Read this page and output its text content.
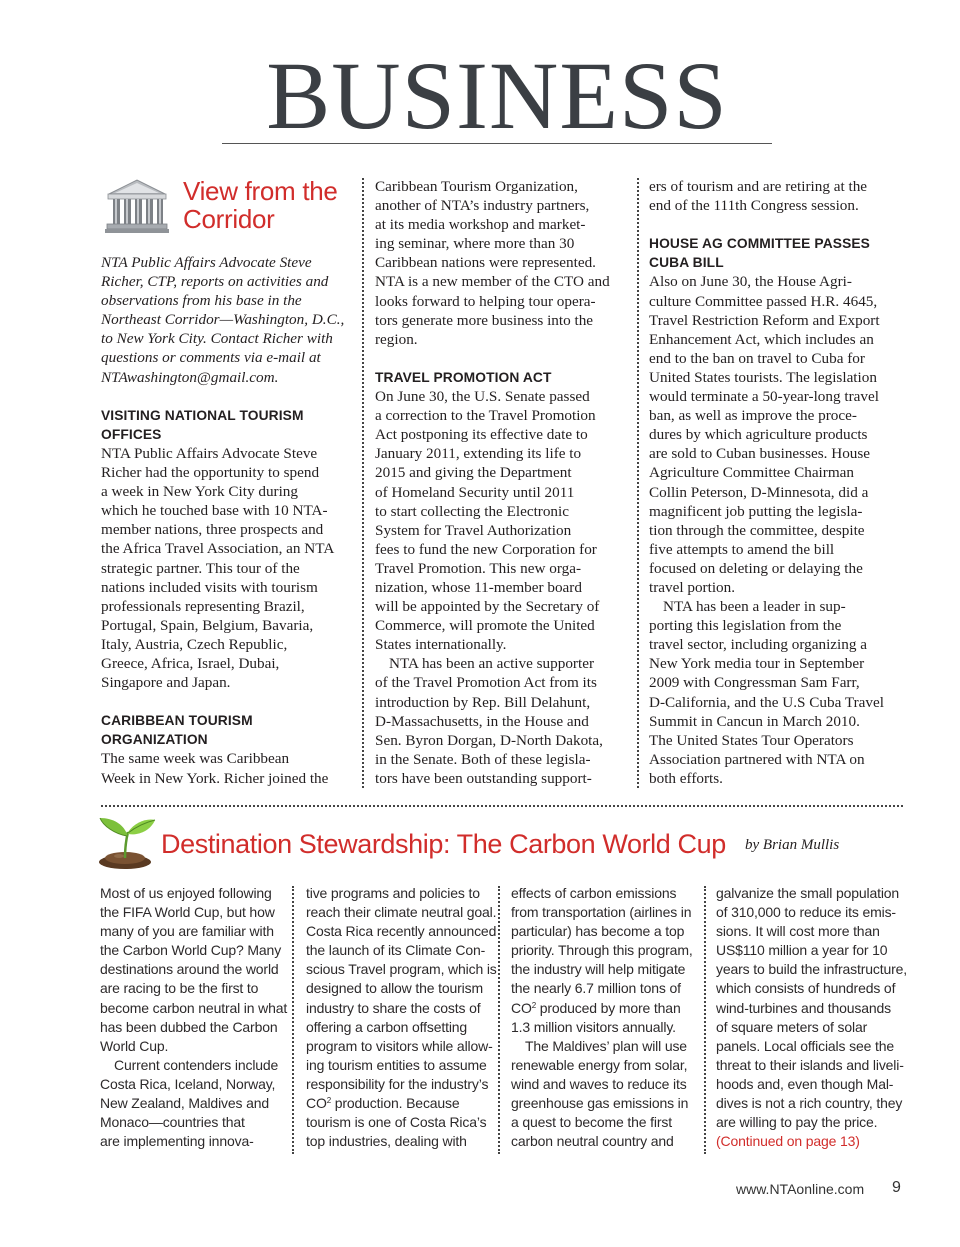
BUSINESS
View from the
Corridor
NTA Public Affairs Advocate Steve
Richer, CTP, reports on activities and
observations from his base in the
Northeast Corridor—Washington, D.C.,
to New York City. Contact Richer with
questions or comments via e-mail at
NTAwashington@gmail.com.
VISITING NATIONAL TOURISM
OFFICES
NTA Public Affairs Advocate Steve
Richer had the opportunity to spend
a week in New York City during
which he touched base with 10 NTA-
member nations, three prospects and
the Africa Travel Association, an NTA
strategic partner. This tour of the
nations included visits with tourism
professionals representing Brazil,
Portugal, Spain, Belgium, Bavaria,
Italy, Austria, Czech Republic,
Greece, Africa, Israel, Dubai,
Singapore and Japan.
CARIBBEAN TOURISM
ORGANIZATION
The same week was Caribbean
Week in New York. Richer joined the
Caribbean Tourism Organization,
another of NTA’s industry partners,
at its media workshop and market-
ing seminar, where more than 30
Caribbean nations were represented.
NTA is a new member of the CTO and
looks forward to helping tour opera-
tors generate more business into the
region.
TRAVEL PROMOTION ACT
On June 30, the U.S. Senate passed
a correction to the Travel Promotion
Act postponing its effective date to
January 2011, extending its life to
2015 and giving the Department
of Homeland Security until 2011
to start collecting the Electronic
System for Travel Authorization
fees to fund the new Corporation for
Travel Promotion. This new orga-
nization, whose 11-member board
will be appointed by the Secretary of
Commerce, will promote the United
States internationally.
NTA has been an active supporter
of the Travel Promotion Act from its
introduction by Rep. Bill Delahunt,
D-Massachusetts, in the House and
Sen. Byron Dorgan, D-North Dakota,
in the Senate. Both of these legisla-
tors have been outstanding support-
ers of tourism and are retiring at the
end of the 111th Congress session.
HOUSE AG COMMITTEE PASSES
CUBA BILL
Also on June 30, the House Agri-
culture Committee passed H.R. 4645,
Travel Restriction Reform and Export
Enhancement Act, which includes an
end to the ban on travel to Cuba for
United States tourists. The legislation
would terminate a 50-year-long travel
ban, as well as improve the proce-
dures by which agriculture products
are sold to Cuban businesses. House
Agriculture Committee Chairman
Collin Peterson, D-Minnesota, did a
magnificent job putting the legisla-
tion through the committee, despite
five attempts to amend the bill
focused on deleting or delaying the
travel portion.
NTA has been a leader in sup-
porting this legislation from the
travel sector, including organizing a
New York media tour in September
2009 with Congressman Sam Farr,
D-California, and the U.S Cuba Travel
Summit in Cancun in March 2010.
The United States Tour Operators
Association partnered with NTA on
both efforts.
Destination Stewardship: The Carbon World Cup by Brian Mullis
Most of us enjoyed following
the FIFA World Cup, but how
many of you are familiar with
the Carbon World Cup? Many
destinations around the world
are racing to be the first to
become carbon neutral in what
has been dubbed the Carbon
World Cup.
Current contenders include
Costa Rica, Iceland, Norway,
New Zealand, Maldives and
Monaco—countries that
are implementing innova-
tive programs and policies to
reach their climate neutral goal.
Costa Rica recently announced
the launch of its Climate Con-
scious Travel program, which is
designed to allow the tourism
industry to share the costs of
offering a carbon offsetting
program to visitors while allow-
ing tourism entities to assume
responsibility for the industry’s
$CO^2$ production. Because
tourism is one of Costa Rica’s
top industries, dealing with
effects of carbon emissions
from transportation (airlines in
particular) has become a top
priority. Through this program,
the industry will help mitigate
the nearly 6.7 million tons of
$CO^2$ produced by more than
1.3 million visitors annually.
The Maldives’ plan will use
renewable energy from solar,
wind and waves to reduce its
greenhouse gas emissions in
a quest to become the first
carbon neutral country and
galvanize the small population
of 310,000 to reduce its emis-
sions. It will cost more than
US$110 million a year for 10
years to build the infrastructure,
which consists of hundreds of
wind-turbines and thousands
of square meters of solar
panels. Local officials see the
threat to their islands and liveli-
hoods and, even though Mal-
dives is not a rich country, they
are willing to pay the price.
(Continued on page 13)
www.NTAonline.com 9
